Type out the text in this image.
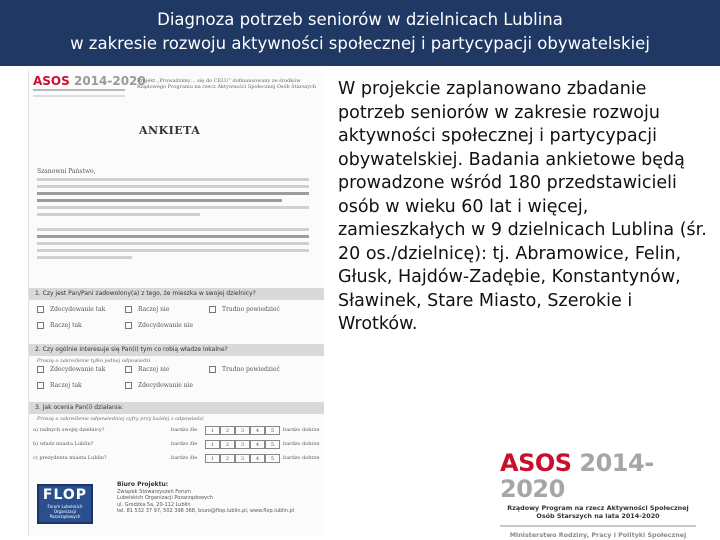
Diagnoza potrzeb seniorów w dzielnicach Lublina
w zakresie rozwoju aktywności społecznej i partycypacji obywatelskiej
ASOS 2014-2020
Projekt „Prowadzimy… się do CELU” dofinansowany ze środków Rządowego Programu na rzecz Aktywności Społecznej Osób Starszych
ANKIETA
Szanowni Państwo,
1. Czy jest Pan/Pani zadowolony(a) z tego, że mieszka w swojej dzielnicy?
Zdecydowanie tak
Raczej tak
Raczej nie
Zdecydowanie nie
Trudno powiedzieć
2. Czy ogólnie interesuje się Pan(i) tym co robią władze lokalne?
Proszę o zakreślenie tylko jednej odpowiedzi
Zdecydowanie tak
Raczej tak
Raczej nie
Zdecydowanie nie
Trudno powiedzieć
3. Jak ocenia Pan(i) działania:
Proszę o zakreślenie odpowiedniej cyfry przy każdej z odpowiedzi
a) radnych swojej dzielnicy?	bardzo źle	1	2	3	4	5	bardzo dobrze
b) władz miasta Lublin?	bardzo źle	1	2	3	4	5	bardzo dobrze
c) prezydenta miasta Lublin?	bardzo źle	1	2	3	4	5	bardzo dobrze
FLOP
Forum Lubelskich
Organizacji
Pozarządowych
Biuro Projektu:
Związek Stowarzyszeń Forum
Lubelskich Organizacji Pozarządowych
ul. Grodzka 5a, 20-112 Lublin
tel. 81 532 37 97, 502 398 368, biuro@flop.lublin.pl, www.flop.lublin.pl
W projekcie zaplanowano zbadanie potrzeb seniorów w zakresie rozwoju aktywności społecznej i partycypacji obywatelskiej. Badania ankietowe będą prowadzone wśród 180 przedstawicieli osób w wieku 60 lat i więcej, zamieszkałych w 9 dzielnicach Lublina (śr. 20 os./dzielnicę): tj. Abramowice, Felin, Głusk, Hajdów-Zadębie, Konstantynów, Sławinek, Stare Miasto, Szerokie i Wrotków.
ASOS 2014-2020
Rządowy Program na rzecz Aktywności Społecznej
Osób Starszych na lata 2014-2020
Ministerstwo Rodziny, Pracy i Polityki Społecznej
